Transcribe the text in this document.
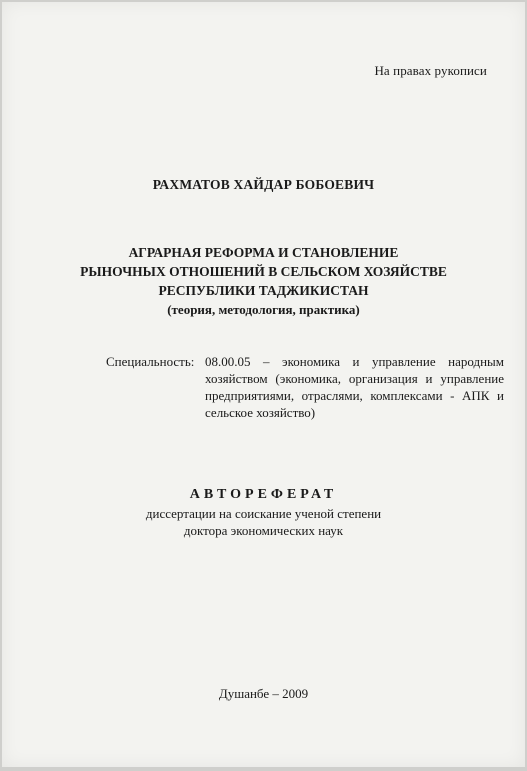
На правах рукописи
РАХМАТОВ ХАЙДАР БОБОЕВИЧ
АГРАРНАЯ РЕФОРМА И СТАНОВЛЕНИЕ
РЫНОЧНЫХ ОТНОШЕНИЙ В СЕЛЬСКОМ ХОЗЯЙСТВЕ
РЕСПУБЛИКИ ТАДЖИКИСТАН
(теория, методология, практика)
Специальность: 08.00.05 – экономика и управление народным хозяйством (экономика, организация и управление предприятиями, отраслями, комплексами - АПК и сельское хозяйство)
АВТОРЕФЕРАТ
диссертации на соискание ученой степени
доктора экономических наук
Душанбе – 2009
